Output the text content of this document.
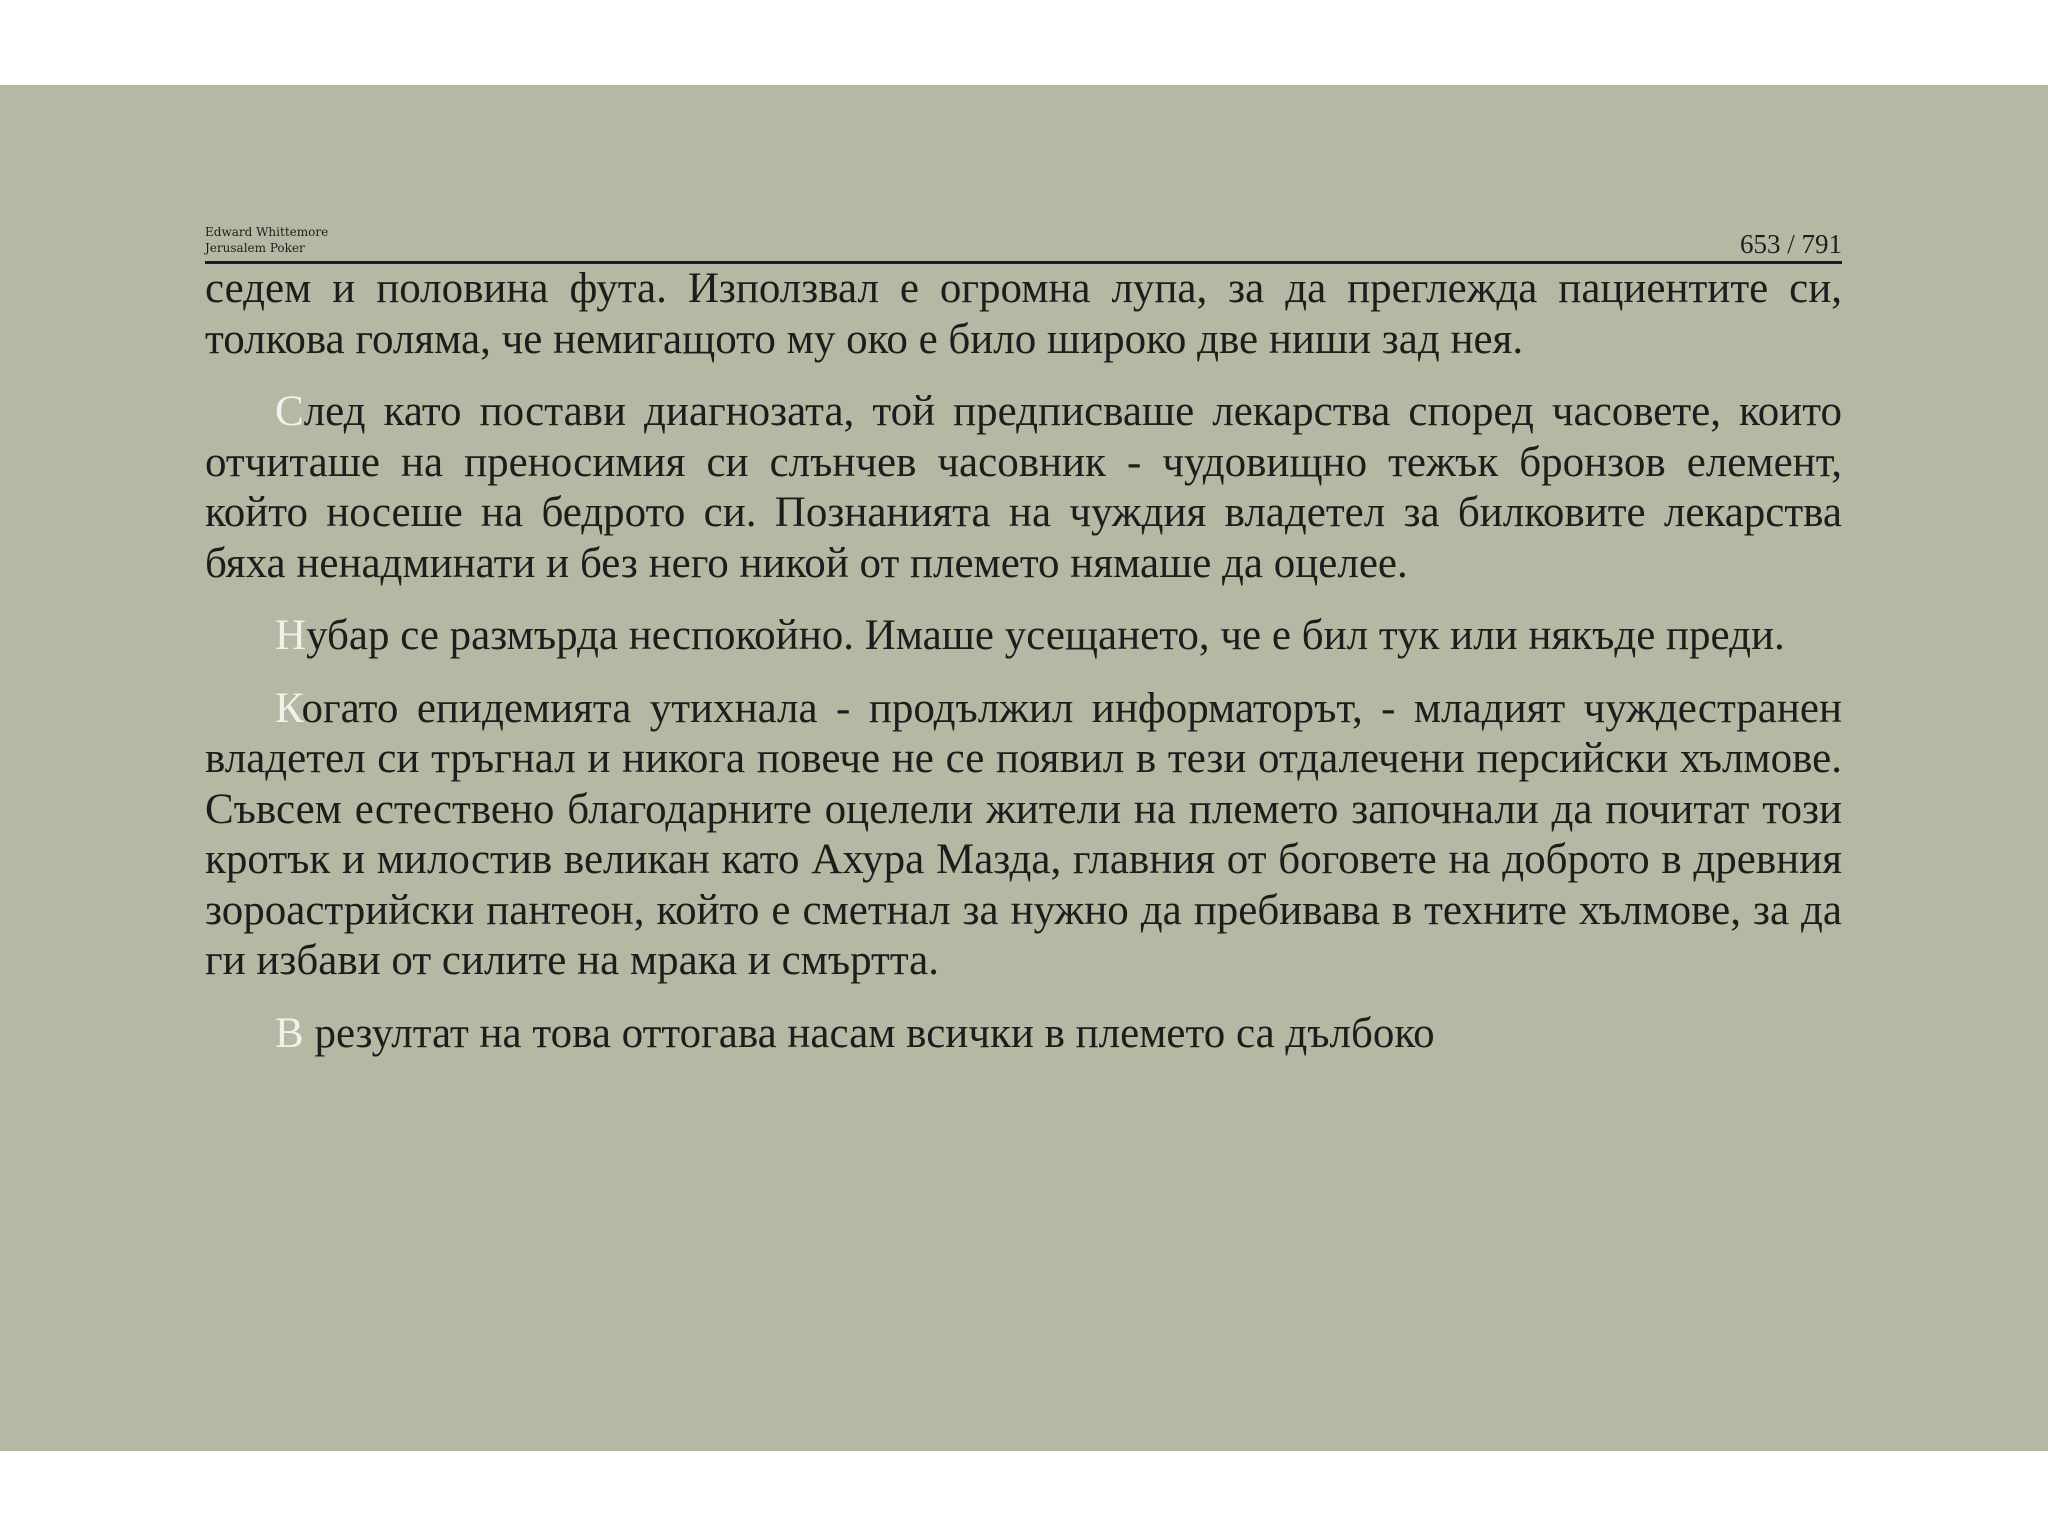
Edward Whittemore
Jerusalem Poker	653 / 791

седем и половина фута. Използвал е огромна лупа, за да преглежда пациентите си, толкова голяма, че немигащото му око е било широко две ниши зад нея.

След като постави диагнозата, той предписваше лекарства според часовете, които отчиташе на преносимия си слънчев часовник - чудовищно тежък бронзов елемент, който носеше на бедрото си. Познанията на чуждия владетел за билковите лекарства бяха ненадминати и без него никой от племето нямаше да оцелее.

Нубар се размърда неспокойно. Имаше усещането, че е бил тук или някъде преди.

Когато епидемията утихнала - продължил информаторът, - младият чуждестранен владетел си тръгнал и никога повече не се появил в тези отдалечени персийски хълмове. Съвсем естествено благодарните оцелели жители на племето започнали да почитат този кротък и милостив великан като Ахура Мазда, главния от боговете на доброто в древния зороастрийски пантеон, който е сметнал за нужно да пребивава в техните хълмове, за да ги избави от силите на мрака и смъртта.

В резултат на това оттогава насам всички в племето са дълбоко
